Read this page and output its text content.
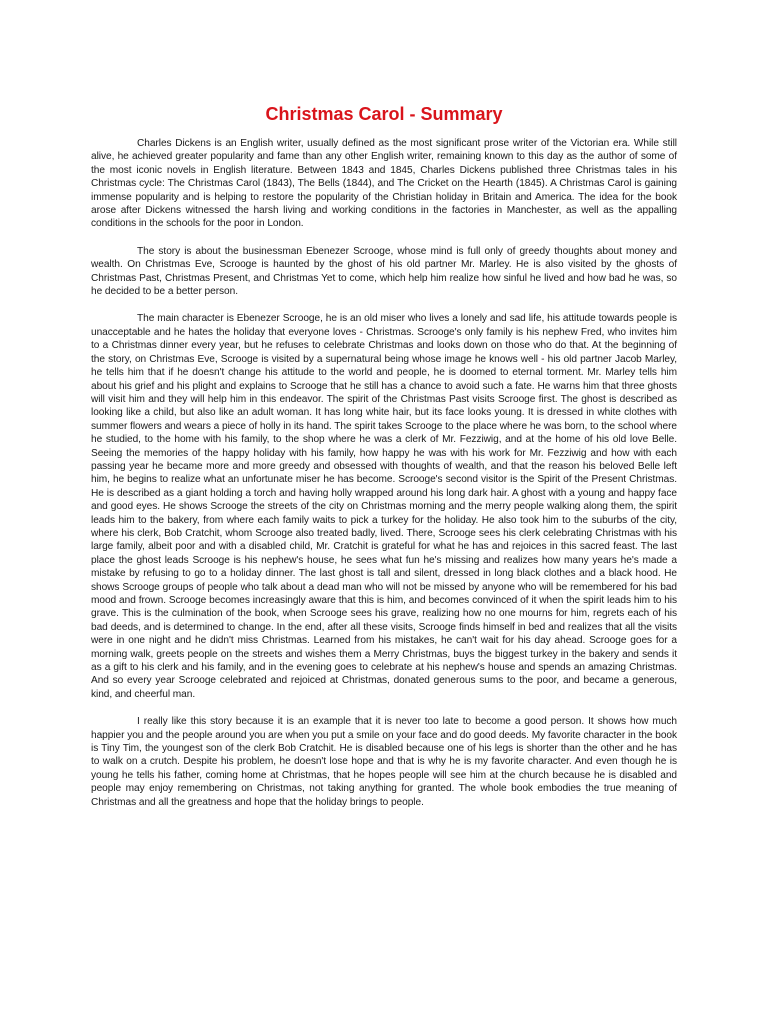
Christmas Carol - Summary

Charles Dickens is an English writer, usually defined as the most significant prose writer of the Victorian era. While still alive, he achieved greater popularity and fame than any other English writer, remaining known to this day as the author of some of the most iconic novels in English literature. Between 1843 and 1845, Charles Dickens published three Christmas tales in his Christmas cycle: The Christmas Carol (1843), The Bells (1844), and The Cricket on the Hearth (1845). A Christmas Carol is gaining immense popularity and is helping to restore the popularity of the Christian holiday in Britain and America. The idea for the book arose after Dickens witnessed the harsh living and working conditions in the factories in Manchester, as well as the appalling conditions in the schools for the poor in London.

The story is about the businessman Ebenezer Scrooge, whose mind is full only of greedy thoughts about money and wealth. On Christmas Eve, Scrooge is haunted by the ghost of his old partner Mr. Marley. He is also visited by the ghosts of Christmas Past, Christmas Present, and Christmas Yet to come, which help him realize how sinful he lived and how bad he was, so he decided to be a better person.

The main character is Ebenezer Scrooge, he is an old miser who lives a lonely and sad life, his attitude towards people is unacceptable and he hates the holiday that everyone loves - Christmas. Scrooge's only family is his nephew Fred, who invites him to a Christmas dinner every year, but he refuses to celebrate Christmas and looks down on those who do that. At the beginning of the story, on Christmas Eve, Scrooge is visited by a supernatural being whose image he knows well - his old partner Jacob Marley, he tells him that if he doesn't change his attitude to the world and people, he is doomed to eternal torment. Mr. Marley tells him about his grief and his plight and explains to Scrooge that he still has a chance to avoid such a fate. He warns him that three ghosts will visit him and they will help him in this endeavor. The spirit of the Christmas Past visits Scrooge first. The ghost is described as looking like a child, but also like an adult woman. It has long white hair, but its face looks young. It is dressed in white clothes with summer flowers and wears a piece of holly in its hand. The spirit takes Scrooge to the place where he was born, to the school where he studied, to the home with his family, to the shop where he was a clerk of Mr. Fezziwig, and at the home of his old love Belle. Seeing the memories of the happy holiday with his family, how happy he was with his work for Mr. Fezziwig and how with each passing year he became more and more greedy and obsessed with thoughts of wealth, and that the reason his beloved Belle left him, he begins to realize what an unfortunate miser he has become. Scrooge's second visitor is the Spirit of the Present Christmas. He is described as a giant holding a torch and having holly wrapped around his long dark hair. A ghost with a young and happy face and good eyes. He shows Scrooge the streets of the city on Christmas morning and the merry people walking along them, the spirit leads him to the bakery, from where each family waits to pick a turkey for the holiday. He also took him to the suburbs of the city, where his clerk, Bob Cratchit, whom Scrooge also treated badly, lived. There, Scrooge sees his clerk celebrating Christmas with his large family, albeit poor and with a disabled child, Mr. Cratchit is grateful for what he has and rejoices in this sacred feast. The last place the ghost leads Scrooge is his nephew's house, he sees what fun he's missing and realizes how many years he's made a mistake by refusing to go to a holiday dinner. The last ghost is tall and silent, dressed in long black clothes and a black hood. He shows Scrooge groups of people who talk about a dead man who will not be missed by anyone who will be remembered for his bad mood and frown. Scrooge becomes increasingly aware that this is him, and becomes convinced of it when the spirit leads him to his grave. This is the culmination of the book, when Scrooge sees his grave, realizing how no one mourns for him, regrets each of his bad deeds, and is determined to change. In the end, after all these visits, Scrooge finds himself in bed and realizes that all the visits were in one night and he didn't miss Christmas. Learned from his mistakes, he can't wait for his day ahead. Scrooge goes for a morning walk, greets people on the streets and wishes them a Merry Christmas, buys the biggest turkey in the bakery and sends it as a gift to his clerk and his family, and in the evening goes to celebrate at his nephew's house and spends an amazing Christmas. And so every year Scrooge celebrated and rejoiced at Christmas, donated generous sums to the poor, and became a generous, kind, and cheerful man.

I really like this story because it is an example that it is never too late to become a good person. It shows how much happier you and the people around you are when you put a smile on your face and do good deeds. My favorite character in the book is Tiny Tim, the youngest son of the clerk Bob Cratchit. He is disabled because one of his legs is shorter than the other and he has to walk on a crutch. Despite his problem, he doesn't lose hope and that is why he is my favorite character. And even though he is young he tells his father, coming home at Christmas, that he hopes people will see him at the church because he is disabled and people may enjoy remembering on Christmas, not taking anything for granted. The whole book embodies the true meaning of Christmas and all the greatness and hope that the holiday brings to people.
